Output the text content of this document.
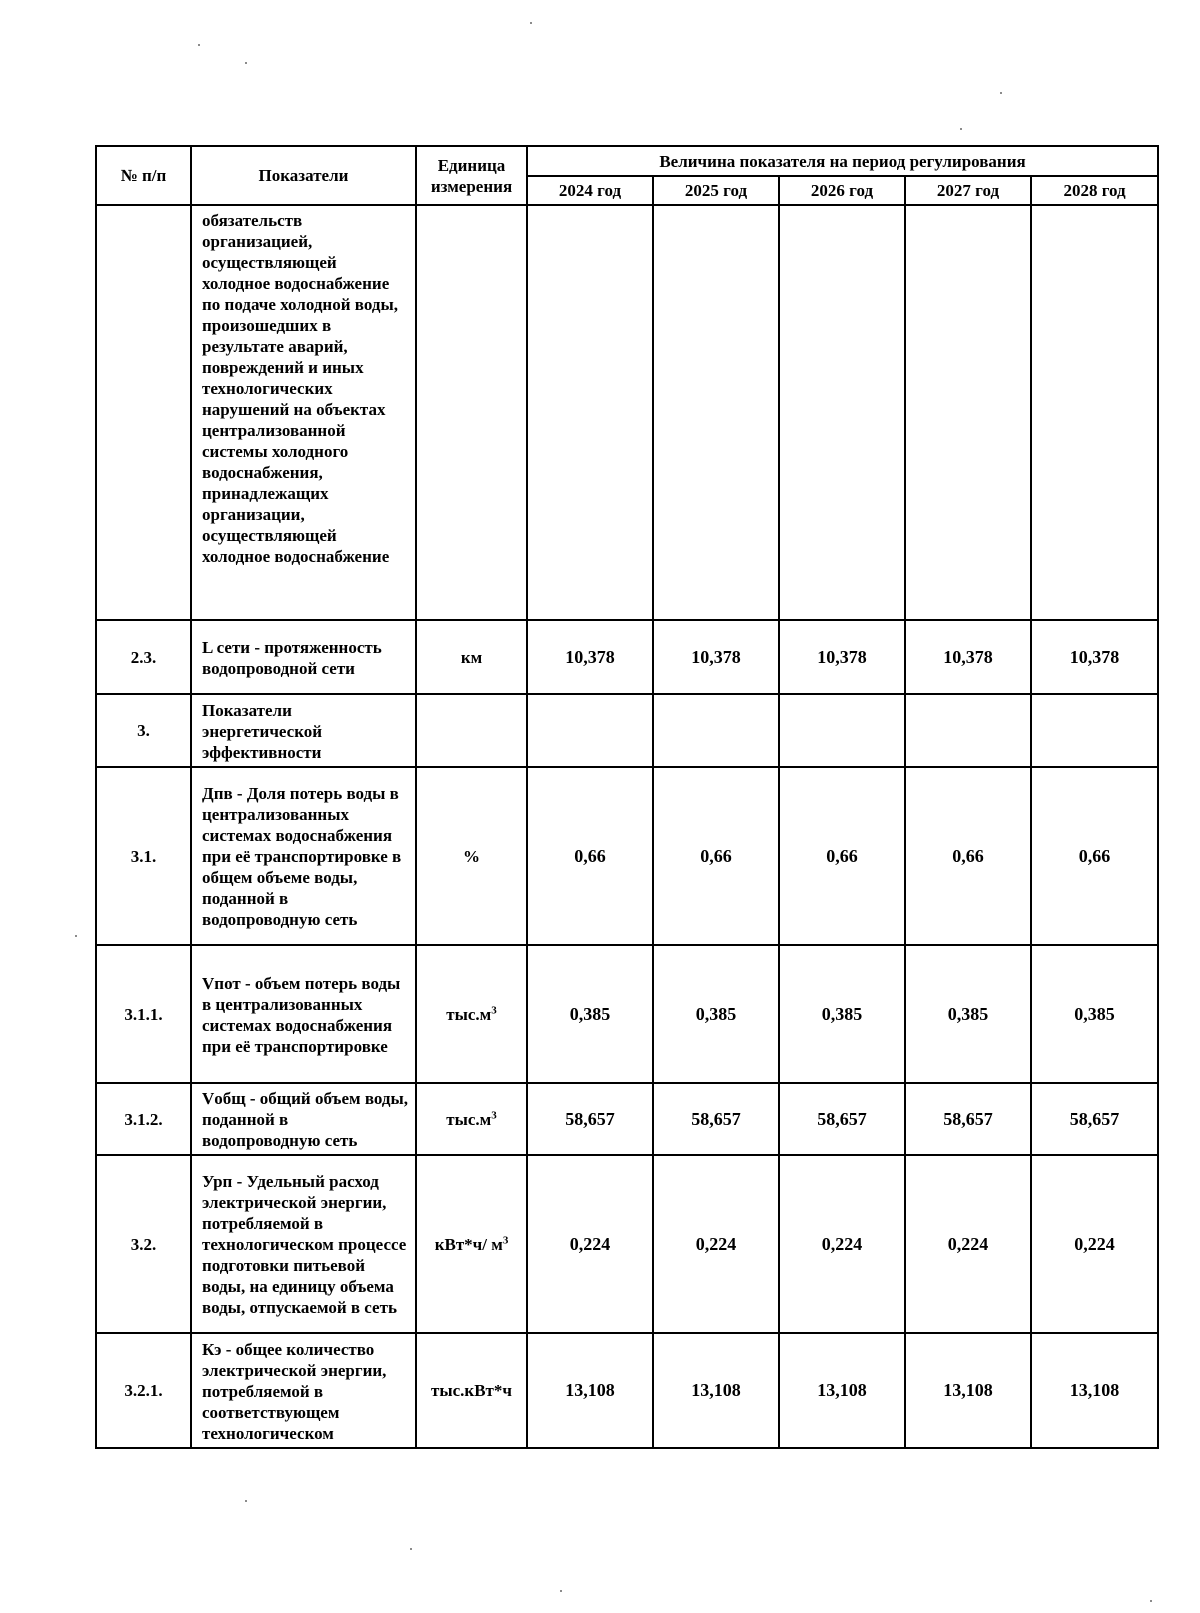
№ п/п	Показатели	Единица измерения	Величина показателя на период регулирования				
			2024 год	2025 год	2026 год	2027 год	2028 год
	обязательств организацией, осуществляющей холодное водоснабжение по подаче холодной воды, произошедших в результате аварий, повреждений и иных технологических нарушений на объектах централизованной системы холодного водоснабжения, принадлежащих организации, осуществляющей холодное водоснабжение						
2.3.	L сети - протяженность водопроводной сети	км	10,378	10,378	10,378	10,378	10,378
3.	Показатели энергетической эффективности						
3.1.	Дпв - Доля потерь воды в централизованных системах водоснабжения при её транспортировке в общем объеме воды, поданной в водопроводную сеть	%	0,66	0,66	0,66	0,66	0,66
3.1.1.	Vпот - объем потерь воды в централизованных системах водоснабжения при её транспортировке	$тыс.м^3$	0,385	0,385	0,385	0,385	0,385
3.1.2.	Vобщ - общий объем воды, поданной в водопроводную сеть	$тыс.м^3$	58,657	58,657	58,657	58,657	58,657
3.2.	Урп - Удельный расход электрической энергии, потребляемой в технологическом процессе подготовки питьевой воды, на единицу объема воды, отпускаемой в сеть	кВт*ч/ $м^3$	0,224	0,224	0,224	0,224	0,224
3.2.1.	Кэ - общее количество электрической энергии, потребляемой в соответствующем технологическом	тыс.кВт*ч	13,108	13,108	13,108	13,108	13,108
